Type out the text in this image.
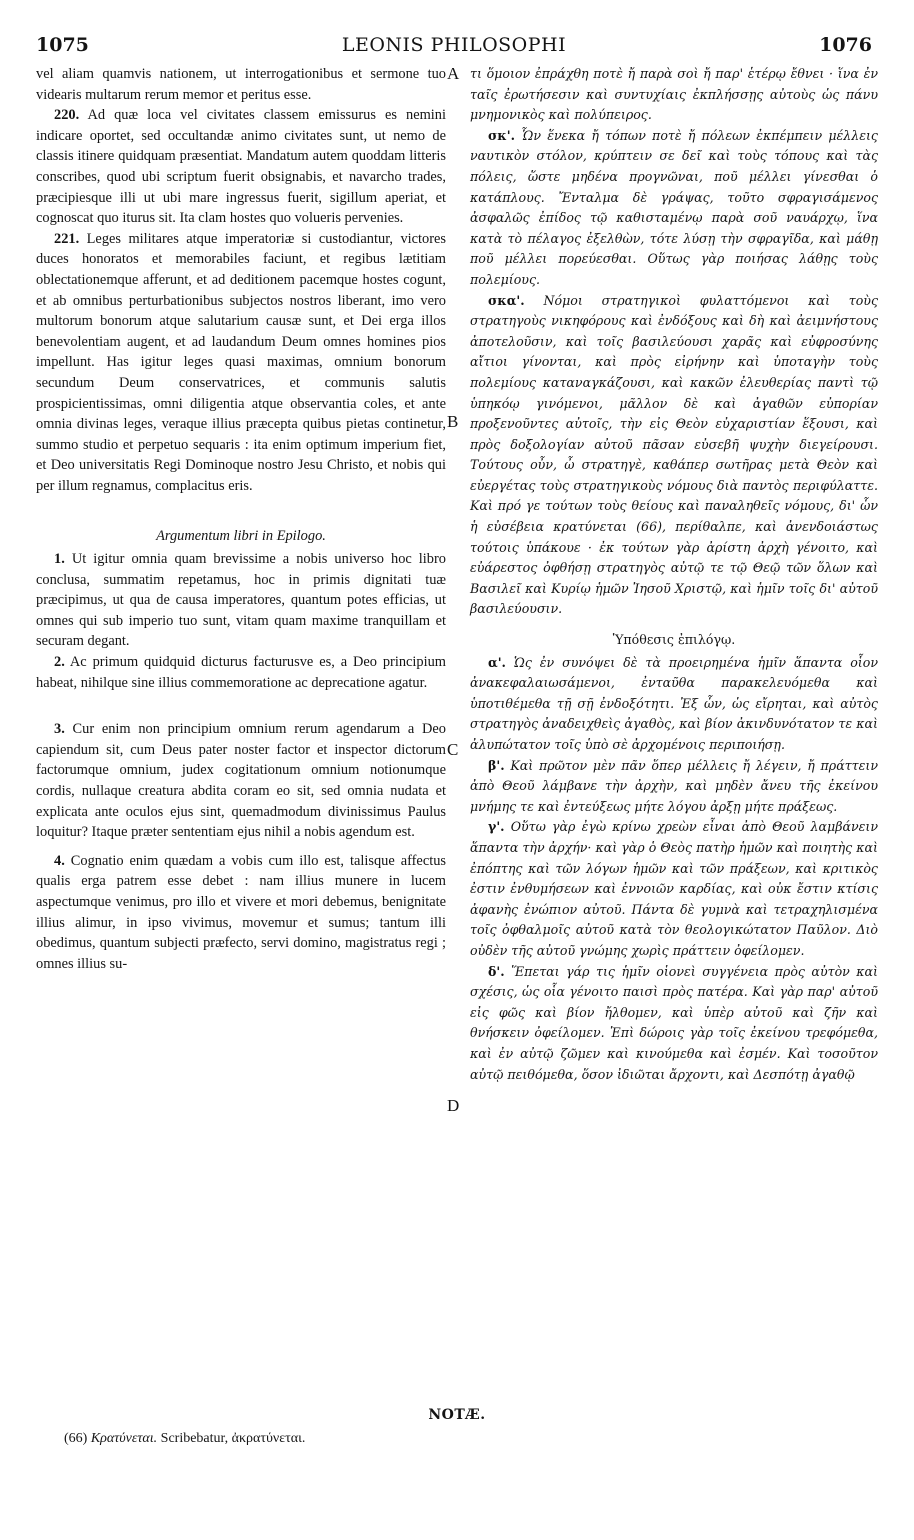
1075	LEONIS PHILOSOPHI	1076
A
B
C
D

vel aliam quamvis nationem, ut interrogationibus et sermone tuo videaris multarum rerum memor et peritus esse.

220. Ad quæ loca vel civitates classem emissurus es nemini indicare oportet, sed occultandæ animo civitates sunt, ut nemo de classis itinere quidquam præsentiat. Mandatum autem quoddam litteris conscribes, quod ubi scriptum fuerit obsignabis, et navarcho trades, præcipiesque illi ut ubi mare ingressus fuerit, sigillum aperiat, et cognoscat quo iturus sit. Ita clam hostes quo volueris pervenies.

221. Leges militares atque imperatoriæ si custodiantur, victores duces honoratos et memorabiles faciunt, et regibus lætitiam oblectationemque afferunt, et ad deditionem pacemque hostes cogunt, et ab omnibus perturbationibus subjectos nostros liberant, imo vero multorum bonorum atque salutarium causæ sunt, et Dei erga illos benevolentiam augent, et ad laudandum Deum omnes homines pios impellunt. Has igitur leges quasi maximas, omnium bonorum secundum Deum conservatrices, et communis salutis prospicientissimas, omni diligentia atque observantia coles, et ante omnia divinas leges, veraque illius præcepta quibus pietas continetur, summo studio et perpetuo sequaris : ita enim optimum imperium fiet, et Deo universitatis Regi Dominoque nostro Jesu Christo, et nobis qui per illum regnamus, complacitus eris.

Argumentum libri in Epilogo.

1. Ut igitur omnia quam brevissime a nobis universo hoc libro conclusa, summatim repetamus, hoc in primis dignitati tuæ præcipimus, ut qua de causa imperatores, quantum potes efficias, ut omnes qui sub imperio tuo sunt, vitam quam maxime tranquillam et securam degant.

2. Ac primum quidquid dicturus facturusve es, a Deo principium habeat, nihilque sine illius commemoratione ac deprecatione agatur.

3. Cur enim non principium omnium rerum agendarum a Deo capiendum sit, cum Deus pater noster factor et inspector dictorum factorumque omnium, judex cogitationum omnium notionumque cordis, nullaque creatura abdita coram eo sit, sed omnia nudata et explicata ante oculos ejus sint, quemadmodum divinissimus Paulus loquitur? Itaque præter sententiam ejus nihil a nobis agendum est.

4. Cognatio enim quædam a vobis cum illo est, talisque affectus qualis erga patrem esse debet : nam illius munere in lucem aspectumque venimus, pro illo et vivere et mori debemus, benignitate illius alimur, in ipso vivimus, movemur et sumus; tantum illi obedimus, quantum subjecti præfecto, servi domino, magistratus regi ; omnes illius su-

τι ὅμοιον ἐπράχθη ποτὲ ἤ παρὰ σοὶ ἤ παρ' ἑτέρῳ ἔθνει · ἵνα ἐν ταῖς ἐρωτήσεσιν καὶ συντυχίαις ἐκπλήσσῃς αὐτοὺς ὡς πάνυ μνημονικὸς καὶ πολύπειρος.

σκ'. Ὧν ἕνεκα ἤ τόπων ποτὲ ἤ πόλεων ἐκπέμπειν μέλλεις ναυτικὸν στόλον, κρύπτειν σε δεῖ καὶ τοὺς τόπους καὶ τὰς πόλεις, ὥστε μηδένα προγνῶναι, ποῦ μέλλει γίνεσθαι ὁ κατάπλους. Ἔνταλμα δὲ γράψας, τοῦτο σφραγισάμενος ἀσφαλῶς ἐπίδος τῷ καθισταμένῳ παρὰ σοῦ ναυάρχῳ, ἵνα κατὰ τὸ πέλαγος ἐξελθὼν, τότε λύσῃ τὴν σφραγῖδα, καὶ μάθῃ ποῦ μέλλει πορεύεσθαι. Οὕτως γὰρ ποιήσας λάθῃς τοὺς πολεμίους.

σκα'. Νόμοι στρατηγικοὶ φυλαττόμενοι καὶ τοὺς στρατηγοὺς νικηφόρους καὶ ἐνδόξους καὶ δὴ καὶ ἀειμνήστους ἀποτελοῦσιν, καὶ τοῖς βασιλεύουσι χαρᾶς καὶ εὐφροσύνης αἴτιοι γίνονται, καὶ πρὸς εἰρήνην καὶ ὑποταγὴν τοὺς πολεμίους καταναγκάζουσι, καὶ κακῶν ἐλευθερίας παντὶ τῷ ὑπηκόῳ γινόμενοι, μᾶλλον δὲ καὶ ἀγαθῶν εὐπορίαν προξενοῦντες αὐτοῖς, τὴν εἰς Θεὸν εὐχαριστίαν ἕξουσι, καὶ πρὸς δοξολογίαν αὐτοῦ πᾶσαν εὐσεβῆ ψυχὴν διεγείρουσι. Τούτους οὖν, ὦ στρατηγὲ, καθάπερ σωτῆρας μετὰ Θεὸν καὶ εὐεργέτας τοὺς στρατηγικοὺς νόμους διὰ παντὸς περιφύλαττε. Καὶ πρό γε τούτων τοὺς θείους καὶ παναληθεῖς νόμους, δι' ὧν ἡ εὐσέβεια κρατύνεται (66), περίθαλπε, καὶ ἀνενδοιάστως τούτοις ὑπάκουε · ἐκ τούτων γὰρ ἀρίστη ἀρχὴ γένοιτο, καὶ εὐάρεστος ὀφθήσῃ στρατηγὸς αὐτῷ τε τῷ Θεῷ τῶν ὅλων καὶ Βασιλεῖ καὶ Κυρίῳ ἡμῶν Ἰησοῦ Χριστῷ, καὶ ἡμῖν τοῖς δι' αὐτοῦ βασιλεύουσιν.

Ὑπόθεσις ἐπιλόγῳ.

α'. Ὡς ἐν συνόψει δὲ τὰ προειρημένα ἡμῖν ἅπαντα οἷον ἀνακεφαλαιωσάμενοι, ἐνταῦθα παρακελευόμεθα καὶ ὑποτιθέμεθα τῇ σῇ ἐνδοξότητι. Ἐξ ὧν, ὡς εἴρηται, καὶ αὐτὸς στρατηγὸς ἀναδειχθεὶς ἀγαθὸς, καὶ βίον ἀκινδυνότατον τε καὶ ἀλυπώτατον τοῖς ὑπὸ σὲ ἀρχομένοις περιποιήσῃ.

β'. Καὶ πρῶτον μὲν πᾶν ὅπερ μέλλεις ἤ λέγειν, ἤ πράττειν ἀπὸ Θεοῦ λάμβανε τὴν ἀρχὴν, καὶ μηδὲν ἄνευ τῆς ἐκείνου μνήμης τε καὶ ἐντεύξεως μήτε λόγου ἀρξῃ μήτε πράξεως.

γ'. Οὕτω γὰρ ἐγὼ κρίνω χρεὼν εἶναι ἀπὸ Θεοῦ λαμβάνειν ἅπαντα τὴν ἀρχήν· καὶ γὰρ ὁ Θεὸς πατὴρ ἡμῶν καὶ ποιητὴς καὶ ἐπόπτης καὶ τῶν λόγων ἡμῶν καὶ τῶν πράξεων, καὶ κριτικὸς ἐστιν ἐνθυμήσεων καὶ ἐννοιῶν καρδίας, καὶ οὐκ ἔστιν κτίσις ἀφανὴς ἐνώπιον αὐτοῦ. Πάντα δὲ γυμνὰ καὶ τετραχηλισμένα τοῖς ὀφθαλμοῖς αὐτοῦ κατὰ τὸν θεολογικώτατον Παῦλον. Διὸ οὐδὲν τῆς αὐτοῦ γνώμης χωρὶς πράττειν ὀφείλομεν.

δ'. Ἕπεται γάρ τις ἡμῖν οἱονεὶ συγγένεια πρὸς αὐτὸν καὶ σχέσις, ὡς οἷα γένοιτο παισὶ πρὸς πατέρα. Καὶ γὰρ παρ' αὐτοῦ εἰς φῶς καὶ βίον ἤλθομεν, καὶ ὑπὲρ αὐτοῦ καὶ ζῆν καὶ θνήσκειν ὀφείλομεν. Ἐπὶ δώροις γὰρ τοῖς ἐκείνου τρεφόμεθα, καὶ ἐν αὐτῷ ζῶμεν καὶ κινούμεθα καὶ ἐσμέν. Καὶ τοσοῦτον αὐτῷ πειθόμεθα, ὅσον ἰδιῶται ἄρχοντι, καὶ Δεσπότῃ ἀγαθῷ

NOTÆ.
(66) Κρατύνεται. Scribebatur, ἀκρατύνεται.
